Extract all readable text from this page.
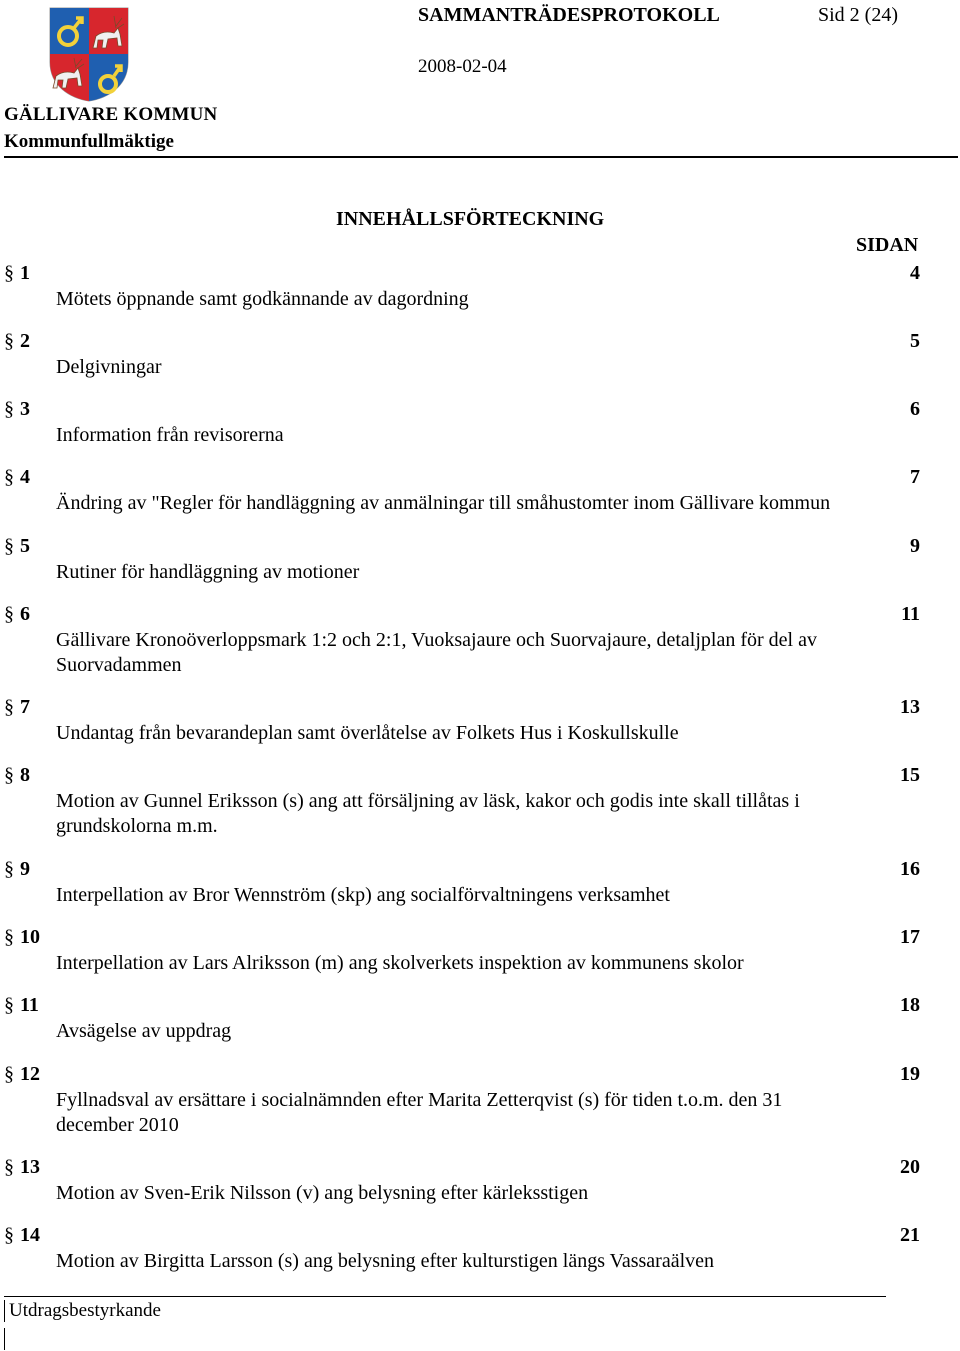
SAMMANTRÄDESPROTOKOLL	Sid 2 (24)
2008-02-04
GÄLLIVARE KOMMUN
Kommunfullmäktige
INNEHÅLLSFÖRTECKNING
SIDAN
§ 1	4
Mötets öppnande samt godkännande av dagordning
§ 2	5
Delgivningar
§ 3	6
Information från revisorerna
§ 4	7
Ändring av "Regler för handläggning av anmälningar till småhustomter inom Gällivare kommun
§ 5	9
Rutiner för handläggning av motioner
§ 6	11
Gällivare Kronoöverloppsmark 1:2 och 2:1, Vuoksajaure och Suorvajaure, detaljplan för del av Suorvadammen
§ 7	13
Undantag från bevarandeplan samt överlåtelse av Folkets Hus i Koskullskulle
§ 8	15
Motion av Gunnel Eriksson (s) ang att försäljning av läsk, kakor och godis inte skall tillåtas i grundskolorna m.m.
§ 9	16
Interpellation av Bror Wennström (skp) ang socialförvaltningens verksamhet
§ 10	17
Interpellation av Lars Alriksson (m) ang skolverkets inspektion av kommunens skolor
§ 11	18
Avsägelse av uppdrag
§ 12	19
Fyllnadsval av ersättare i socialnämnden efter Marita Zetterqvist (s) för tiden t.o.m. den 31 december 2010
§ 13	20
Motion av Sven-Erik Nilsson (v) ang belysning efter kärleksstigen
§ 14	21
Motion av Birgitta Larsson (s) ang belysning efter kulturstigen längs Vassaraälven
Utdragsbestyrkande
